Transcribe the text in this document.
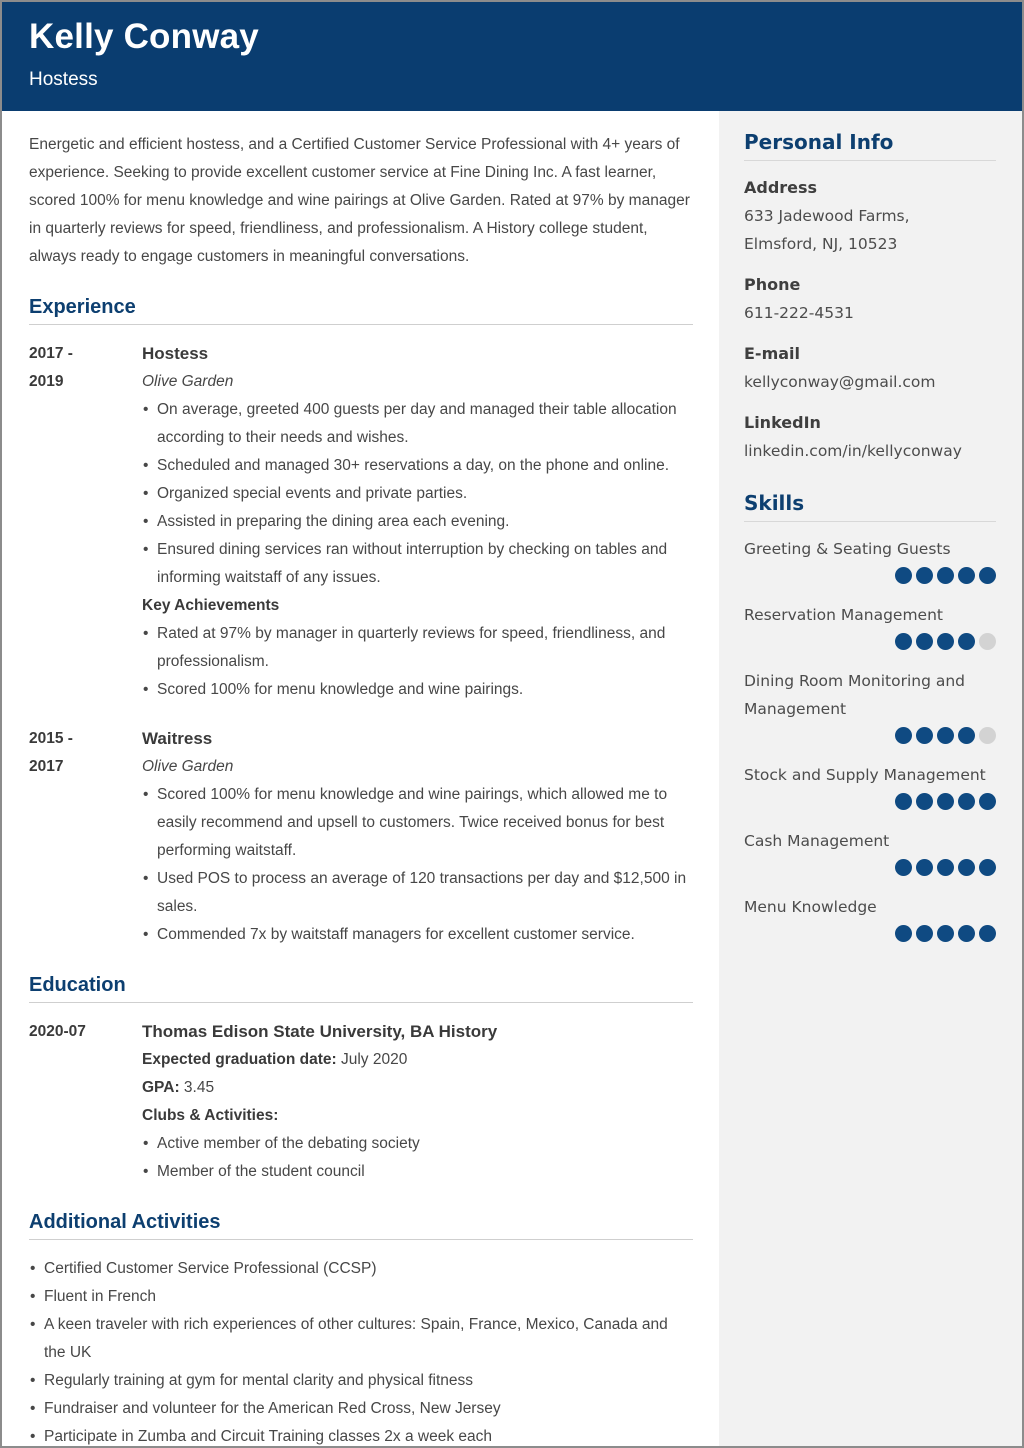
Kelly Conway
Hostess

Energetic and efficient hostess, and a Certified Customer Service Professional with 4+ years of experience. Seeking to provide excellent customer service at Fine Dining Inc. A fast learner, scored 100% for menu knowledge and wine pairings at Olive Garden. Rated at 97% by manager in quarterly reviews for speed, friendliness, and professionalism. A History college student, always ready to engage customers in meaningful conversations.

Experience
2017 -
2019
Hostess
Olive Garden
• On average, greeted 400 guests per day and managed their table allocation according to their needs and wishes.
• Scheduled and managed 30+ reservations a day, on the phone and online.
• Organized special events and private parties.
• Assisted in preparing the dining area each evening.
• Ensured dining services ran without interruption by checking on tables and informing waitstaff of any issues.
Key Achievements
• Rated at 97% by manager in quarterly reviews for speed, friendliness, and professionalism.
• Scored 100% for menu knowledge and wine pairings.
2015 -
2017
Waitress
Olive Garden
• Scored 100% for menu knowledge and wine pairings, which allowed me to easily recommend and upsell to customers. Twice received bonus for best performing waitstaff.
• Used POS to process an average of 120 transactions per day and $12,500 in sales.
• Commended 7x by waitstaff managers for excellent customer service.
Education
2020-07	Thomas Edison State University, BA History
Expected graduation date: July 2020
GPA: 3.45
Clubs & Activities:
• Active member of the debating society
• Member of the student council
Additional Activities
• Certified Customer Service Professional (CCSP)
• Fluent in French
• A keen traveler with rich experiences of other cultures: Spain, France, Mexico, Canada and the UK
• Regularly training at gym for mental clarity and physical fitness
• Fundraiser and volunteer for the American Red Cross, New Jersey
• Participate in Zumba and Circuit Training classes 2x a week each
Personal Info
Address
633 Jadewood Farms,
Elmsford, NJ, 10523
Phone
611-222-4531
E-mail
kellyconway@gmail.com
LinkedIn
linkedin.com/in/kellyconway
Skills
Greeting & Seating Guests
Reservation Management
Dining Room Monitoring and Management
Stock and Supply Management
Cash Management
Menu Knowledge
